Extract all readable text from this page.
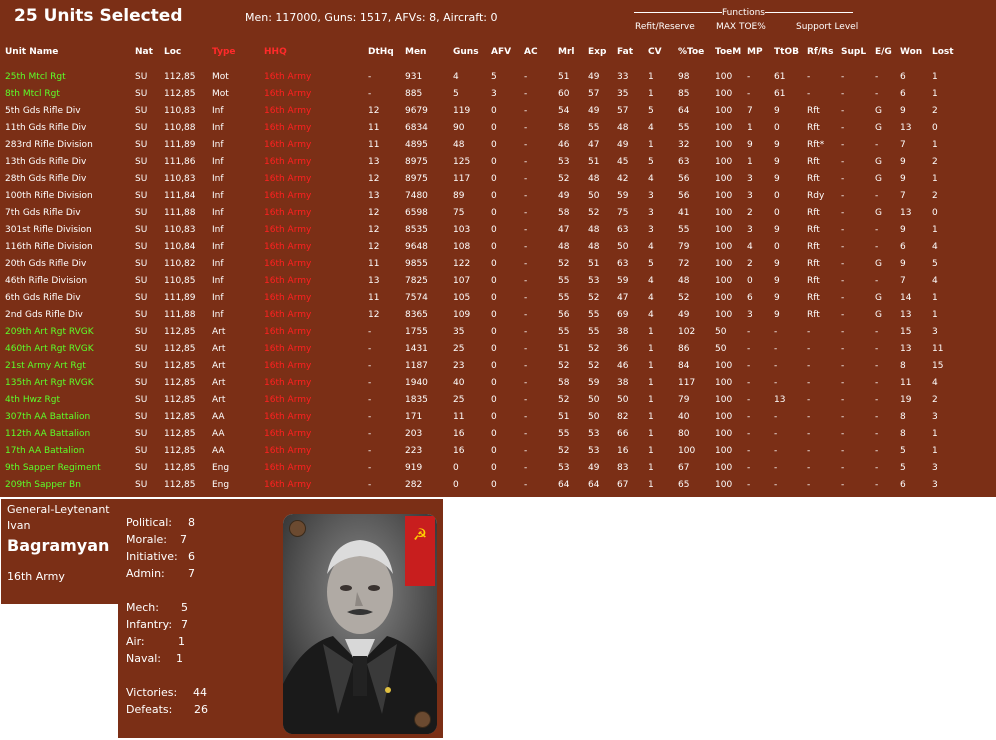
25 Units Selected	Men: 117000, Guns: 1517, AFVs: 8, Aircraft: 0	Functions
Refit/Reserve MAX TOE%	Support Level
Unit Name	Nat	Loc	Type	HHQ	DtHq	Men	Guns	AFV	AC	Mrl	Exp	Fat	CV	%Toe	ToeM	MP	TtOB	Rf/Rs	SupL	E/G	Won	Lost

25th Mtcl Rgt	SU	112,85	Mot	16th Army	-	931	4	5	-	51	49	33	1	98	100	-	61	-	-	-	6	1
8th Mtcl Rgt	SU	112,85	Mot	16th Army	-	885	5	3	-	60	57	35	1	85	100	-	61	-	-	-	6	1
5th Gds Rifle Div	SU	110,83	Inf	16th Army	12	9679	119	0	-	54	49	57	5	64	100	7	9	Rft	-	G	9	2
11th Gds Rifle Div	SU	110,88	Inf	16th Army	11	6834	90	0	-	58	55	48	4	55	100	1	0	Rft	-	G	13	0
283rd Rifle Division	SU	111,89	Inf	16th Army	11	4895	48	0	-	46	47	49	1	32	100	9	9	Rft*	-	-	7	1
13th Gds Rifle Div	SU	111,86	Inf	16th Army	13	8975	125	0	-	53	51	45	5	63	100	1	9	Rft	-	G	9	2
28th Gds Rifle Div	SU	110,83	Inf	16th Army	12	8975	117	0	-	52	48	42	4	56	100	3	9	Rft	-	G	9	1
100th Rifle Division	SU	111,84	Inf	16th Army	13	7480	89	0	-	49	50	59	3	56	100	3	0	Rdy	-	-	7	2
7th Gds Rifle Div	SU	111,88	Inf	16th Army	12	6598	75	0	-	58	52	75	3	41	100	2	0	Rft	-	G	13	0
301st Rifle Division	SU	110,83	Inf	16th Army	12	8535	103	0	-	47	48	63	3	55	100	3	9	Rft	-	-	9	1
116th Rifle Division	SU	110,84	Inf	16th Army	12	9648	108	0	-	48	48	50	4	79	100	4	0	Rft	-	-	6	4
20th Gds Rifle Div	SU	110,82	Inf	16th Army	11	9855	122	0	-	52	51	63	5	72	100	2	9	Rft	-	G	9	5
46th Rifle Division	SU	110,85	Inf	16th Army	13	7825	107	0	-	55	53	59	4	48	100	0	9	Rft	-	-	7	4
6th Gds Rifle Div	SU	111,89	Inf	16th Army	11	7574	105	0	-	55	52	47	4	52	100	6	9	Rft	-	G	14	1
2nd Gds Rifle Div	SU	111,88	Inf	16th Army	12	8365	109	0	-	56	55	69	4	49	100	3	9	Rft	-	G	13	1
209th Art Rgt RVGK	SU	112,85	Art	16th Army	-	1755	35	0	-	55	55	38	1	102	50	-	-	-	-	-	15	3
460th Art Rgt RVGK	SU	112,85	Art	16th Army	-	1431	25	0	-	51	52	36	1	86	50	-	-	-	-	-	13	11
21st Army Art Rgt	SU	112,85	Art	16th Army	-	1187	23	0	-	52	52	46	1	84	100	-	-	-	-	-	8	15
135th Art Rgt RVGK	SU	112,85	Art	16th Army	-	1940	40	0	-	58	59	38	1	117	100	-	-	-	-	-	11	4
4th Hwz Rgt	SU	112,85	Art	16th Army	-	1835	25	0	-	52	50	50	1	79	100	-	13	-	-	-	19	2
307th AA Battalion	SU	112,85	AA	16th Army	-	171	11	0	-	51	50	82	1	40	100	-	-	-	-	-	8	3
112th AA Battalion	SU	112,85	AA	16th Army	-	203	16	0	-	55	53	66	1	80	100	-	-	-	-	-	8	1
17th AA Battalion	SU	112,85	AA	16th Army	-	223	16	0	-	52	53	16	1	100	100	-	-	-	-	-	5	1
9th Sapper Regiment	SU	112,85	Eng	16th Army	-	919	0	0	-	53	49	83	1	67	100	-	-	-	-	-	5	3
209th Sapper Bn	SU	112,85	Eng	16th Army	-	282	0	0	-	64	64	67	1	65	100	-	-	-	-	-	6	3
General-Leytenant
Ivan
Bagramyan
16th Army
Political: 8
Morale: 7
Initiative: 6
Admin: 7
Mech: 5
Infantry: 7
Air:	1
Naval: 1
Victories: 44
Defeats: 26
☭
